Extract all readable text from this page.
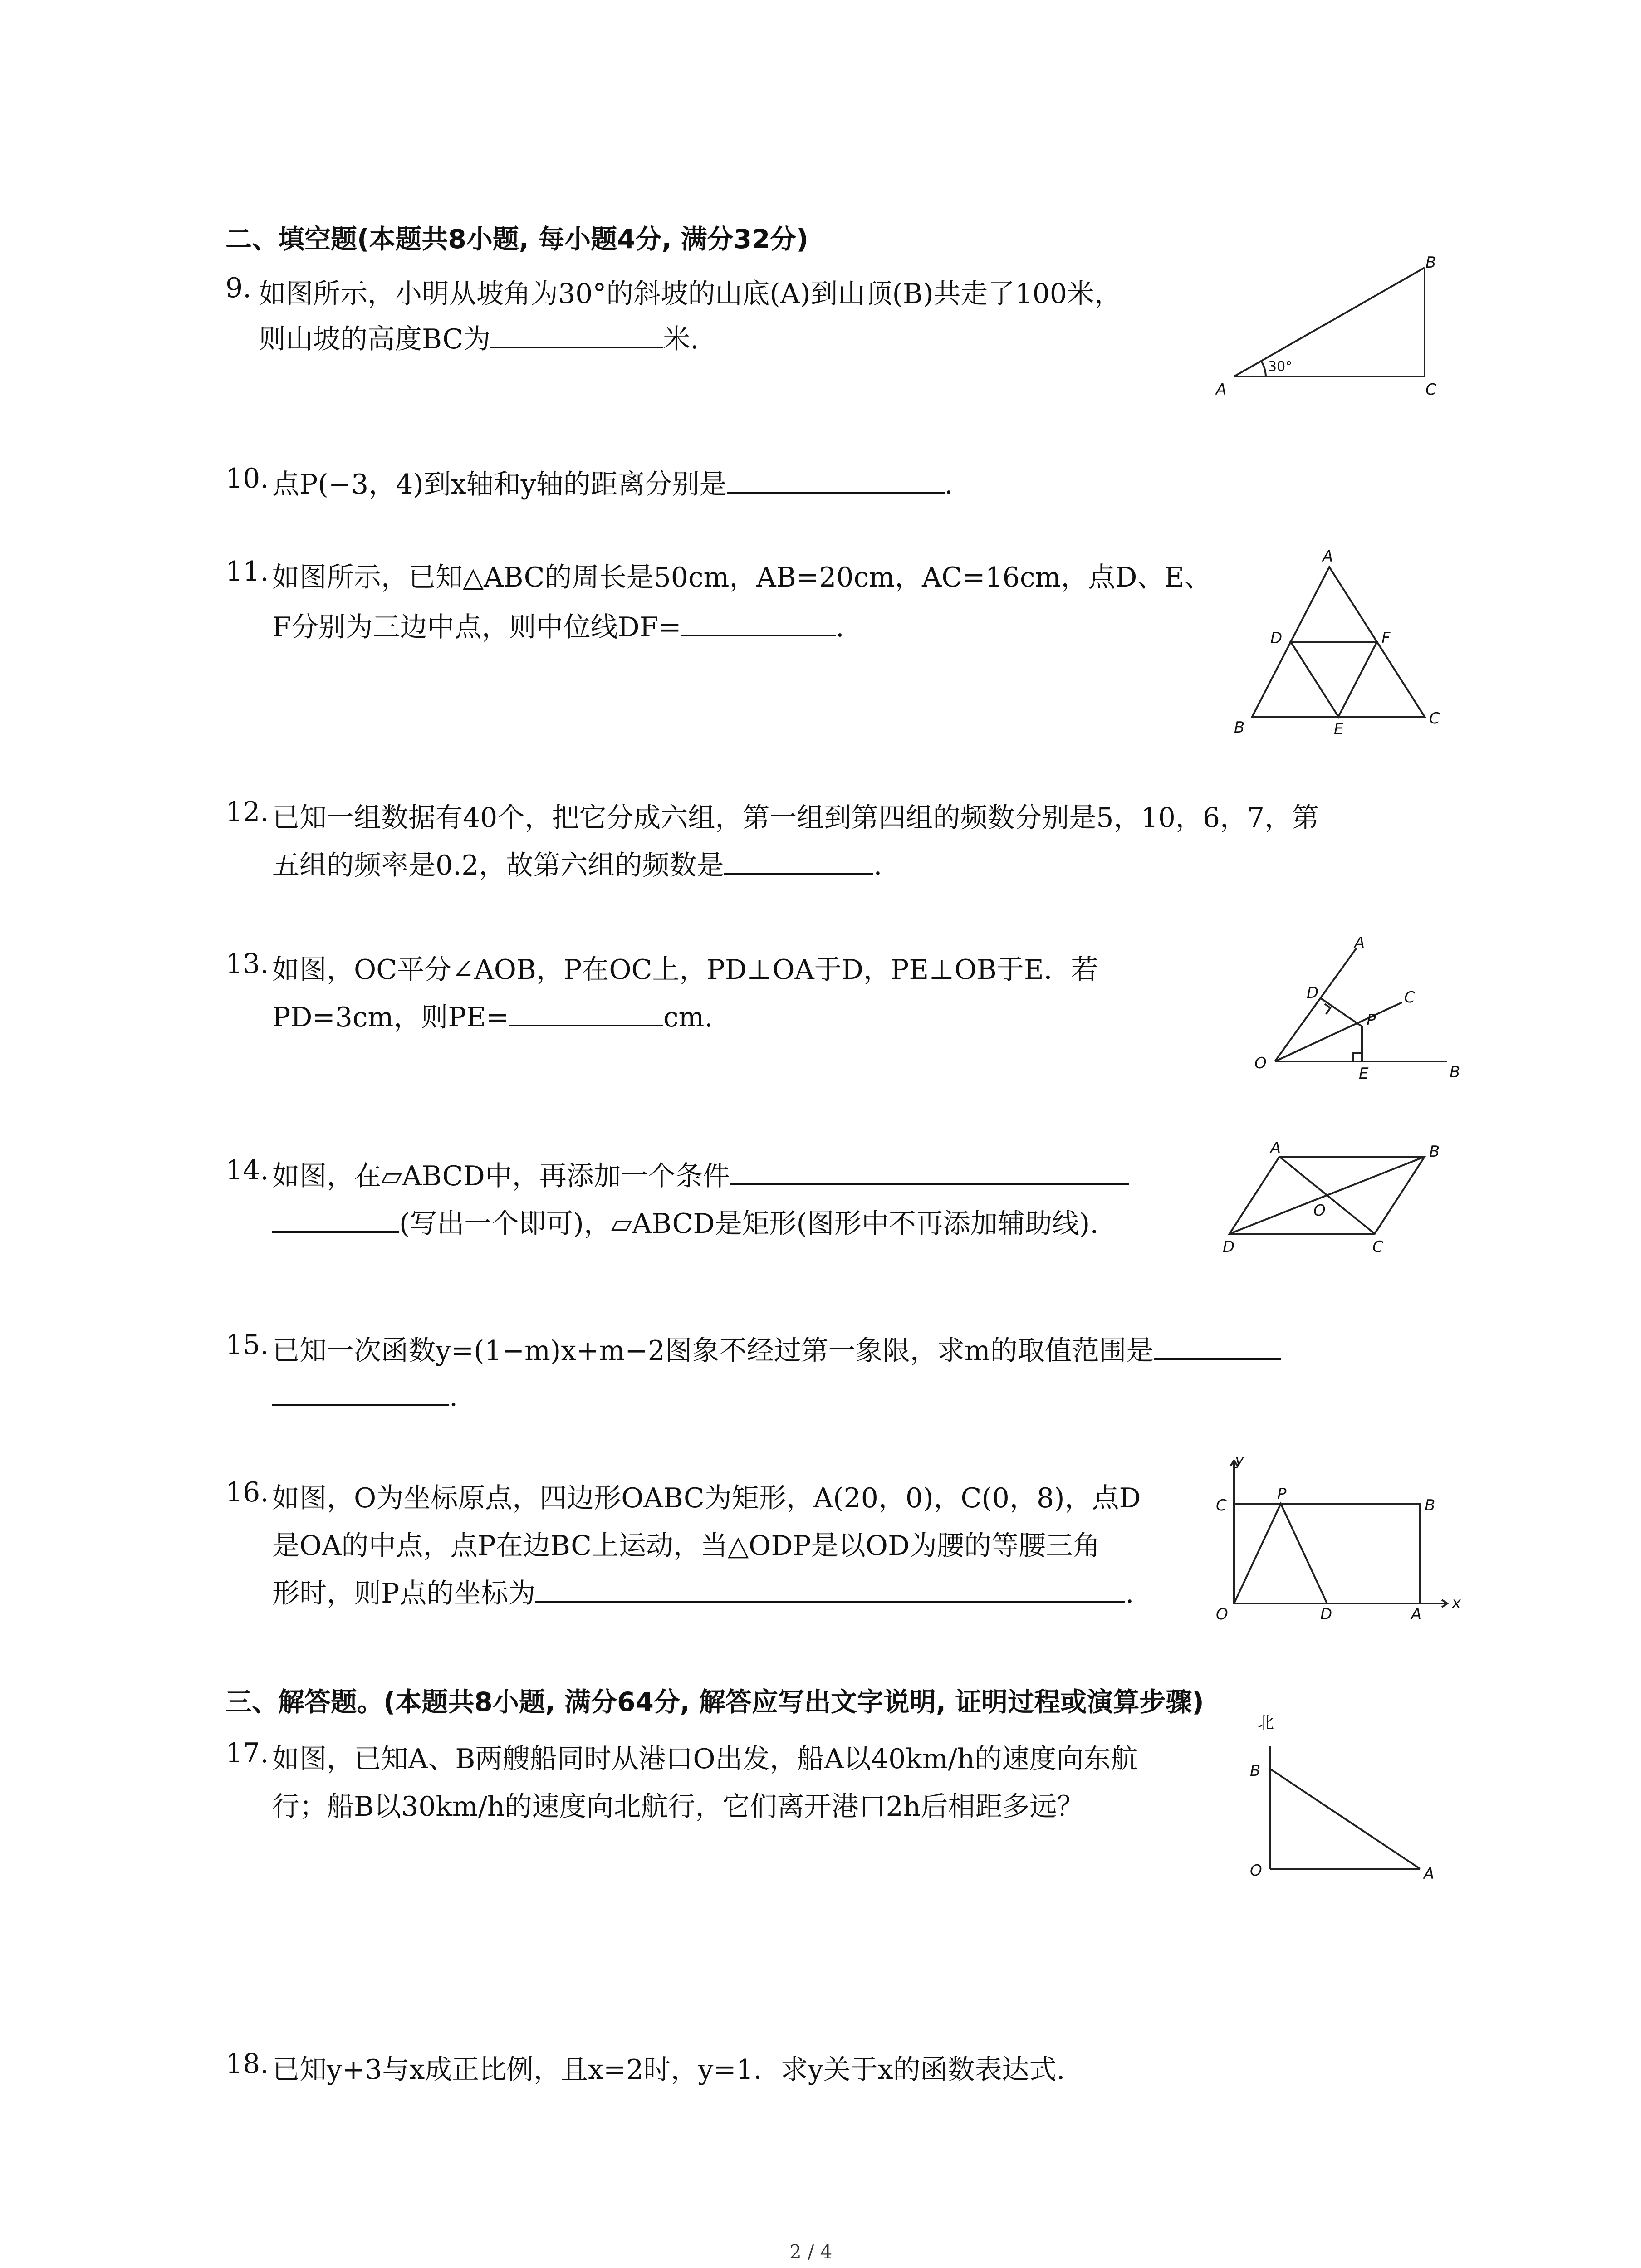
二、填空题(本题共8小题, 每小题4分, 满分32分)
9. 如图所示，小明从坡角为30°的斜坡的山底(A)到山顶(B)共走了100米，
则山坡的高度BC为	米.
A
B
C
30°
10. 点P(−3，4)到x轴和y轴的距离分别是	.
11. 如图所示，已知△ABC的周长是50cm，AB=20cm，AC=16cm，点D、E、
F分别为三边中点，则中位线DF=	.
A
B	C
D
E
F
12. 已知一组数据有40个，把它分成六组，第一组到第四组的频数分别是5，10，6，7，第
五组的频率是0.2，故第六组的频数是	.
13. 如图，OC平分∠AOB，P在OC上，PD⊥OA于D，PE⊥OB于E．若
PD=3cm，则PE=	cm.
A
B
C
D
E
O
P
14. 如图，在▱ABCD中，再添加一个条件
(写出一个即可)，▱ABCD是矩形(图形中不再添加辅助线).
A	B
C
D
O
15. 已知一次函数y=(1−m)x+m−2图象不经过第一象限，求m的取值范围是
.
16. 如图，O为坐标原点，四边形OABC为矩形，A(20，0)，C(0，8)，点D
是OA的中点，点P在边BC上运动，当△ODP是以OD为腰的等腰三角
形时，则P点的坐标为	.
y
x
C
P
B
O	D	A
三、解答题。(本题共8小题, 满分64分, 解答应写出文字说明, 证明过程或演算步骤)
17. 如图，已知A、B两艘船同时从港口O出发，船A以40km/h的速度向东航
行；船B以30km/h的速度向北航行，它们离开港口2h后相距多远？
北
B
O	A
18. 已知y+3与x成正比例，且x=2时，y=1．求y关于x的函数表达式.
2 / 4
